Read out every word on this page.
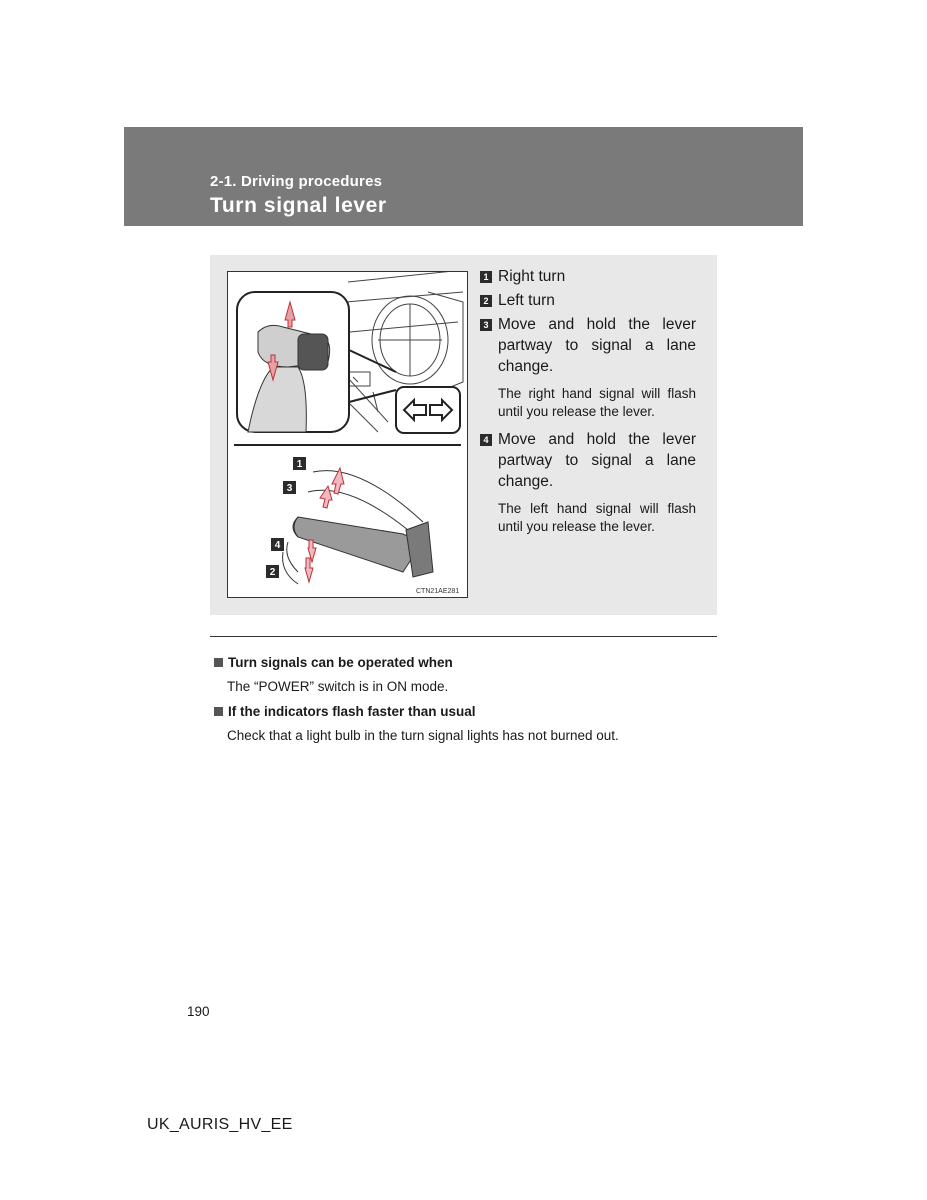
2-1. Driving procedures
Turn signal lever
1
3
4
2
CTN21AE281
1 Right turn
2 Left turn
3 Move and hold the lever partway to signal a lane change.
The right hand signal will flash until you release the lever.
4 Move and hold the lever partway to signal a lane change.
The left hand signal will flash until you release the lever.
Turn signals can be operated when
The “POWER” switch is in ON mode.
If the indicators flash faster than usual
Check that a light bulb in the turn signal lights has not burned out.
190
UK_AURIS_HV_EE
